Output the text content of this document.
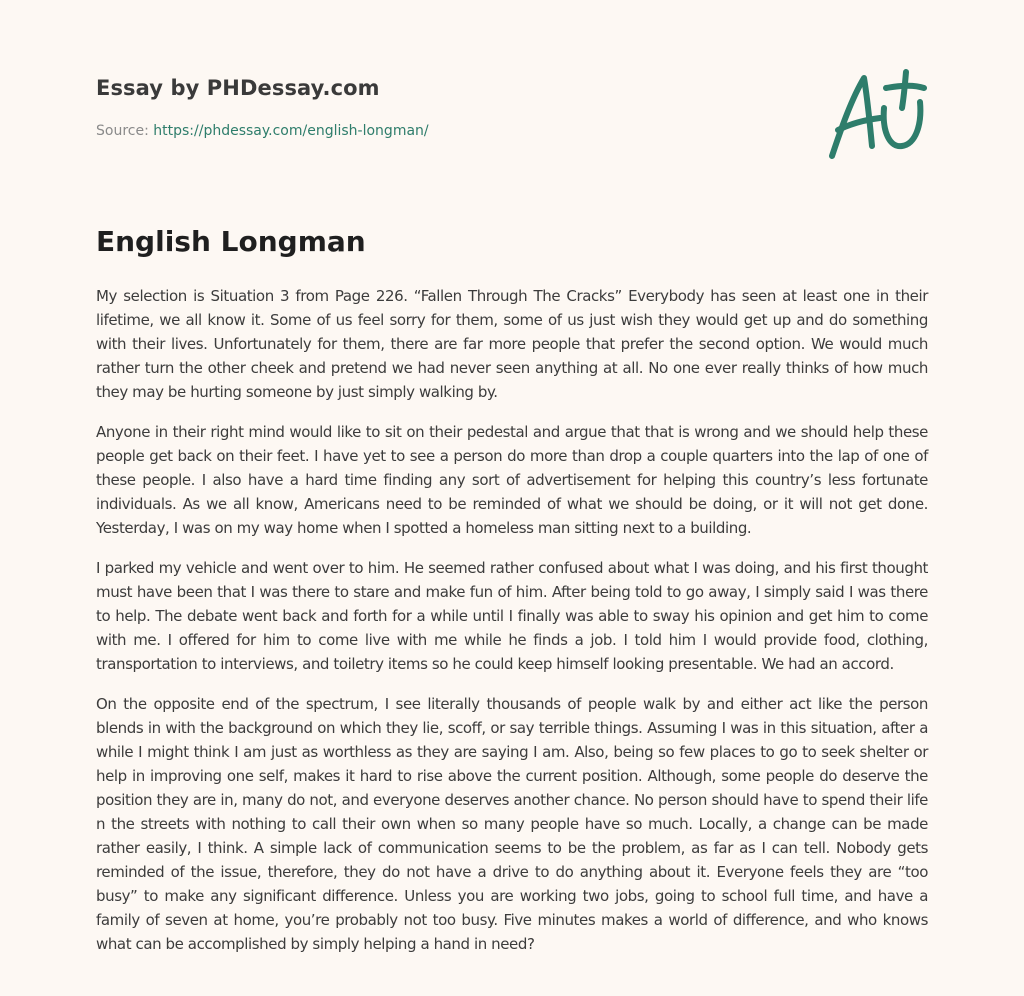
Essay by PHDessay.com
Source: https://phdessay.com/english-longman/
English Longman

My selection is Situation 3 from Page 226. “Fallen Through The Cracks” Everybody has seen at least one in their lifetime, we all know it. Some of us feel sorry for them, some of us just wish they would get up and do something with their lives. Unfortunately for them, there are far more people that prefer the second option. We would much rather turn the other cheek and pretend we had never seen anything at all. No one ever really thinks of how much they may be hurting someone by just simply walking by.

Anyone in their right mind would like to sit on their pedestal and argue that that is wrong and we should help these people get back on their feet. I have yet to see a person do more than drop a couple quarters into the lap of one of these people. I also have a hard time finding any sort of advertisement for helping this country’s less fortunate individuals. As we all know, Americans need to be reminded of what we should be doing, or it will not get done. Yesterday, I was on my way home when I spotted a homeless man sitting next to a building.

I parked my vehicle and went over to him. He seemed rather confused about what I was doing, and his first thought must have been that I was there to stare and make fun of him. After being told to go away, I simply said I was there to help. The debate went back and forth for a while until I finally was able to sway his opinion and get him to come with me. I offered for him to come live with me while he finds a job. I told him I would provide food, clothing, transportation to interviews, and toiletry items so he could keep himself looking presentable. We had an accord.

On the opposite end of the spectrum, I see literally thousands of people walk by and either act like the person blends in with the background on which they lie, scoff, or say terrible things. Assuming I was in this situation, after a while I might think I am just as worthless as they are saying I am. Also, being so few places to go to seek shelter or help in improving one self, makes it hard to rise above the current position. Although, some people do deserve the position they are in, many do not, and everyone deserves another chance. No person should have to spend their life n the streets with nothing to call their own when so many people have so much. Locally, a change can be made rather easily, I think. A simple lack of communication seems to be the problem, as far as I can tell. Nobody gets reminded of the issue, therefore, they do not have a drive to do anything about it. Everyone feels they are “too busy” to make any significant difference. Unless you are working two jobs, going to school full time, and have a family of seven at home, you’re probably not too busy. Five minutes makes a world of difference, and who knows what can be accomplished by simply helping a hand in need?
